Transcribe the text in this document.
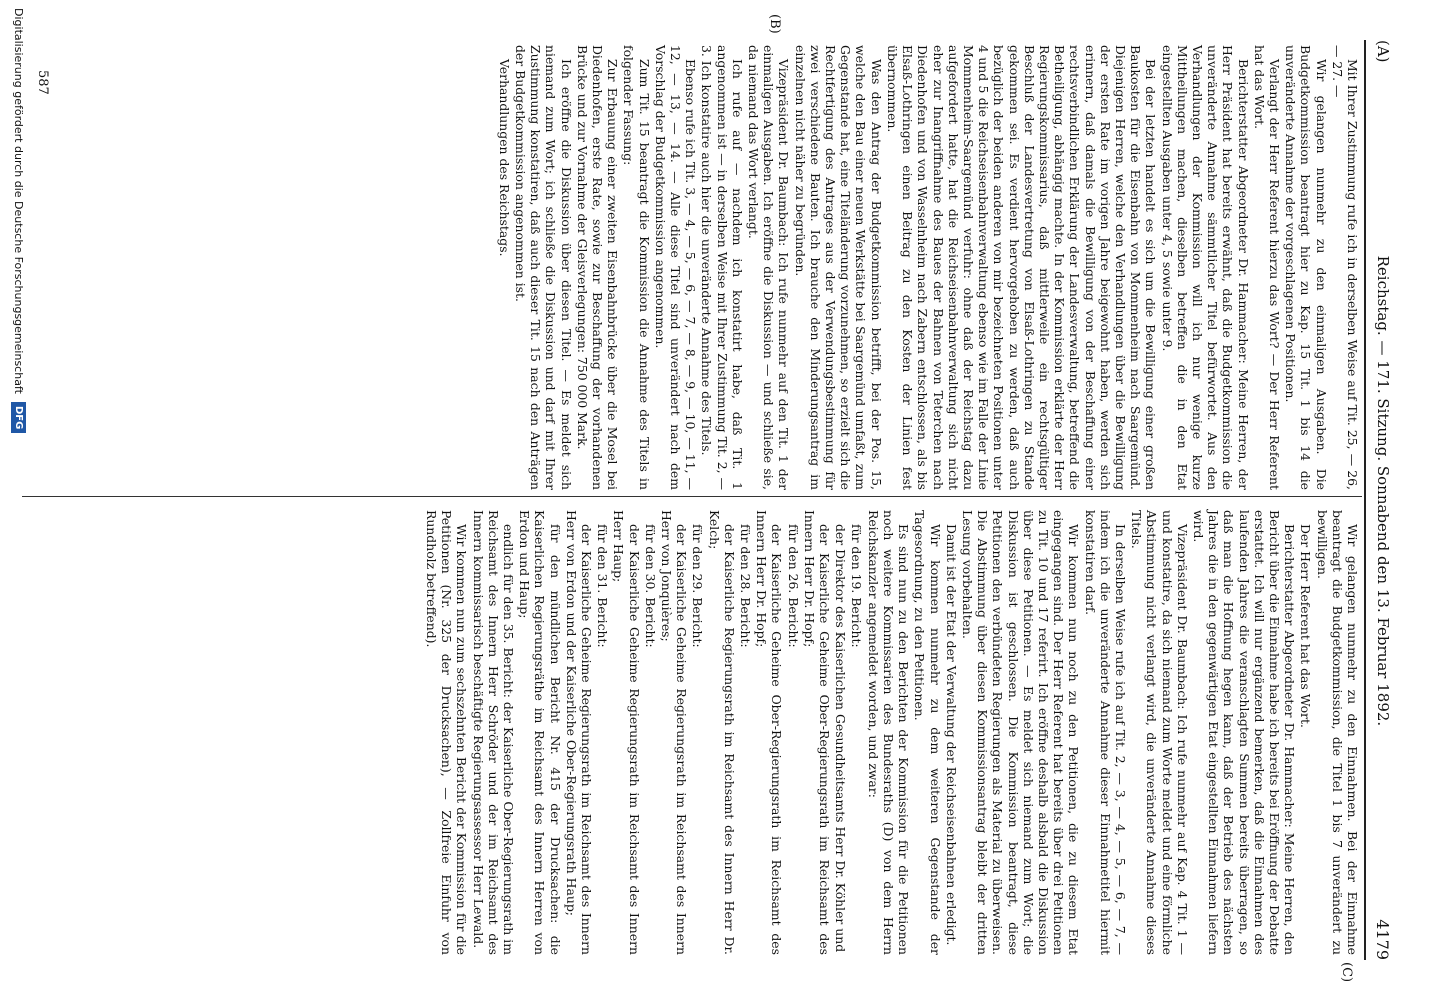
(A)
Reichstag. — 171. Sitzung. Sonnabend den 13. Februar 1892.
4179

Mit Ihrer Zustimmung rufe ich in derselben Weise auf Tit. 25, — 26, — 27. —

Wir gelangen nunmehr zu den einmaligen Ausgaben. Die Budgetkommission beantragt hier zu Kap. 15 Tit. 1 bis 14 die unveränderte Annahme der vorgeschlagenen Positionen.

Verlangt der Herr Referent hierzu das Wort? — Der Herr Referent hat das Wort.

Berichterstatter Abgeordneter Dr. Hammacher: Meine Herren, der Herr Präsident hat bereits erwähnt, daß die Budgetkommission die unveränderte Annahme sämmtlicher Titel befürwortet. Aus den Verhandlungen der Kommission will ich nur wenige kurze Mittheilungen machen, dieselben betreffen die in den Etat eingestellten Ausgaben unter 4, 5 sowie unter 9.

Bei der letzten handelt es sich um die Bewilligung einer großen Baukosten für die Eisenbahn von Mommenheim nach Saargemünd. Diejenigen Herren, welche den Verhandlungen über die Bewilligung der ersten Rate im vorigen Jahre beigewohnt haben, werden sich erinnern, daß damals die Bewilligung von der Beschaffung einer rechtsverbindlichen Erklärung der Landesverwaltung, betreffend die Betheiligung, abhängig machte. In der Kommission erklärte der Herr Regierungskommissarius, daß mittlerweile ein rechtsgültiger Beschluß der Landesvertretung von Elsaß-Lothringen zu Stande gekommen sei. Es verdient hervorgehoben zu werden, daß auch bezüglich der beiden anderen von mir bezeichneten Positionen unter 4 und 5 die Reichseisenbahnverwaltung ebenso wie im Falle der Linie Mommenheim-Saargemünd verfuhr: ohne daß der Reichstag dazu aufgefordert hatte, hat die Reichseisenbahnverwaltung sich nicht eher zur Inangriffnahme des Baues der Bahnen von Teterchen nach Diedenhofen und von Wasselnheim nach Zabern entschlossen, als bis Elsaß-Lothringen einen Beitrag zu den Kosten der Linien fest übernommen.

Was den Antrag der Budgetkommission betrifft, bei der Pos. 15, welche den Bau einer neuen Werkstätte bei Saargemünd umfaßt, zum Gegenstande hat, eine Titeländerung vorzunehmen, so erzielt sich die Rechtfertigung des Antrages aus der Verwendungsbestimmung für zwei verschiedene Bauten. Ich brauche den Minderungsantrag im einzelnen nicht näher zu begründen.

Vizepräsident Dr. Baumbach: Ich rufe nunmehr auf den Tit. 1 der einmaligen Ausgaben. Ich eröffne die Diskussion — und schließe sie, da niemand das Wort verlangt.

Ich rufe auf — nachdem ich konstatirt habe, daß Tit. 1 angenommen ist — in derselben Weise mit Ihrer Zustimmung Tit. 2, — 3. Ich konstatire auch hier die unveränderte Annahme des Titels.

Ebenso rufe ich Tit. 3, — 4, — 5, — 6, — 7, — 8, — 9, — 10, — 11, — 12, — 13, — 14. — Alle diese Titel sind unverändert nach dem Vorschlag der Budgetkommission angenommen.

Zum Tit. 15 beantragt die Kommission die Annahme des Titels in folgender Fassung:

Zur Erbauung einer zweiten Eisenbahnbrücke über die Mosel bei Diedenhofen, erste Rate, sowie zur Beschaffung der vorhandenen Brücke und zur Vornahme der Gleisverlegungen: 750 000 Mark.

Ich eröffne die Diskussion über diesen Titel. — Es meldet sich niemand zum Wort; ich schließe die Diskussion und darf mit Ihrer Zustimmung konstatiren, daß auch dieser Tit. 15 nach den Anträgen der Budgetkommission angenommen ist.

Verhandlungen des Reichstags.

Wir gelangen nunmehr zu den Einnahmen. Bei der Einnahme beantragt die Budgetkommission, die Titel 1 bis 7 unverändert zu bewilligen.

Der Herr Referent hat das Wort.

Berichterstatter Abgeordneter Dr. Hammacher: Meine Herren, den Bericht über die Einnahme habe ich bereits bei Eröffnung der Debatte erstattet. Ich will nur ergänzend bemerken, daß die Einnahmen des laufenden Jahres die veranschlagten Summen bereits überragen, so daß man die Hoffnung hegen kann, daß der Betrieb des nächsten Jahres die in den gegenwärtigen Etat eingestellten Einnahmen liefern wird.

Vizepräsident Dr. Baumbach: Ich rufe nunmehr auf Kap. 4 Tit. 1 — und konstatire, da sich niemand zum Worte meldet und eine förmliche Abstimmung nicht verlangt wird, die unveränderte Annahme dieses Titels.

In derselben Weise rufe ich auf Tit. 2, — 3, — 4, — 5, — 6, — 7, — indem ich die unveränderte Annahme dieser Einnahmetitel hiermit konstatiren darf.

Wir kommen nun noch zu den Petitionen, die zu diesem Etat eingegangen sind. Der Herr Referent hat bereits über drei Petitionen zu Tit. 10 und 17 referirt. Ich eröffne deshalb alsbald die Diskussion über diese Petitionen. — Es meldet sich niemand zum Wort; die Diskussion ist geschlossen. Die Kommission beantragt, diese Petitionen den verbündeten Regierungen als Material zu überweisen. Die Abstimmung über diesen Kommissionsantrag bleibt der dritten Lesung vorbehalten.

Damit ist der Etat der Verwaltung der Reichseisenbahnen erledigt.

Wir kommen nunmehr zu dem weiteren Gegenstande der Tagesordnung, zu den Petitionen.

Es sind nun zu den Berichten der Kommission für die Petitionen noch weitere Kommissarien des Bundesraths (D) von dem Herrn Reichskanzler angemeldet worden, und zwar:

für den 19. Bericht:

der Direktor des Kaiserlichen Gesundheitsamts Herr Dr. Köhler und

der Kaiserliche Geheime Ober-Regierungsrath im Reichsamt des Innern Herr Dr. Hopf;

für den 26. Bericht:

der Kaiserliche Geheime Ober-Regierungsrath im Reichsamt des Innern Herr Dr. Hopf;

für den 28. Bericht:

der Kaiserliche Regierungsrath im Reichsamt des Innern Herr Dr. Kelch;

für den 29. Bericht:

der Kaiserliche Geheime Regierungsrath im Reichsamt des Innern Herr von Jonquières;

für den 30. Bericht:

der Kaiserliche Geheime Regierungsrath im Reichsamt des Innern Herr Haup;

für den 31. Bericht:

der Kaiserliche Geheime Regierungsrath im Reichsamt des Innern Herr von Erdon und der Kaiserliche Ober-Regierungsrath Haup;

für den mündlichen Bericht Nr. 415 der Drucksachen: die Kaiserlichen Regierungsräthe im Reichsamt des Innern Herren von Erdon und Haup;

endlich für den 35. Bericht: der Kaiserliche Ober-Regierungsrath im Reichsamt des Innern Herr Schröder und der im Reichsamt des Innern kommissarisch beschäftigte Regierungsassessor Herr Lewald.

Wir kommen nun zum sechszehnten Bericht der Kommission für die Petitionen (Nr. 325 der Drucksachen), — Zollfreie Einfuhr von Rundholz betreffend).

(B)
(C)
587
Digitalisierung gefördert durch die Deutsche Forschungsgemeinschaft
DFG
